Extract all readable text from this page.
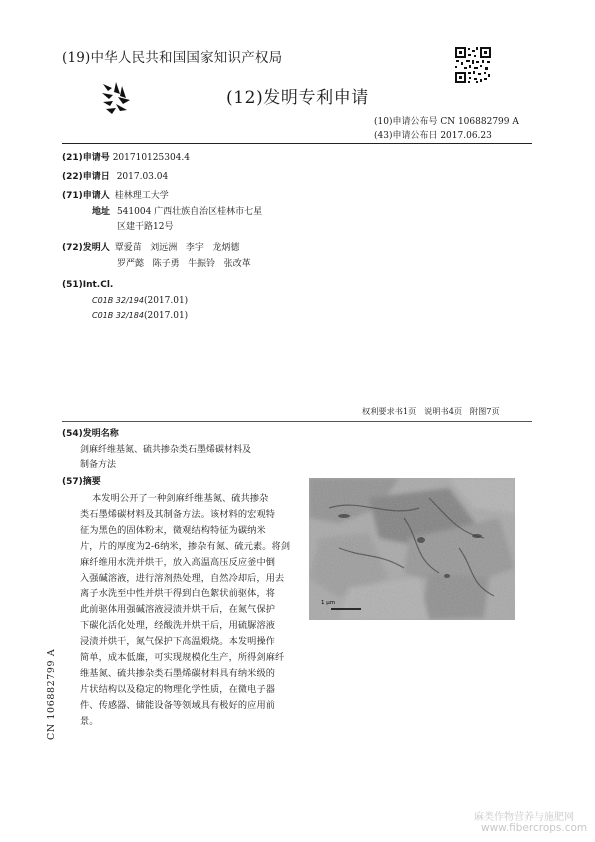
(19)中华人民共和国国家知识产权局
(12)发明专利申请
(10)申请公布号 CN 106882799 A
(43)申请公布日 2017.06.23
(21)申请号 201710125304.4
(22)申请日 2017.03.04
(71)申请人 桂林理工大学
地址 541004 广西壮族自治区桂林市七星
区建干路12号
(72)发明人 覃爱苗   刘远洲   李宇   龙炳德
罗严懿   陈子勇   牛振铃   张改革
(51)Int.Cl.
C01B 32/194(2017.01)
C01B 32/184(2017.01)
权利要求书1页   说明书4页   附图7页
(54)发明名称
剑麻纤维基氮、硫共掺杂类石墨烯碳材料及
制备方法
(57)摘要
本发明公开了一种剑麻纤维基氮、硫共掺杂
类石墨烯碳材料及其制备方法。该材料的宏观特
征为黑色的固体粉末，微观结构特征为碳纳米
片，片的厚度为2-6纳米，掺杂有氮、硫元素。将剑
麻纤维用水洗并烘干，放入高温高压反应釜中倒
入强碱溶液，进行溶剂热处理，自然冷却后，用去
离子水洗至中性并烘干得到白色絮状前驱体，将
此前驱体用强碱溶液浸渍并烘干后，在氮气保护
下碳化活化处理，经酸洗并烘干后，用硫脲溶液
浸渍并烘干，氮气保护下高温煅烧。本发明操作
简单，成本低廉，可实现规模化生产，所得剑麻纤
维基氮、硫共掺杂类石墨烯碳材料具有纳米级的
片状结构以及稳定的物理化学性质，在微电子器
件、传感器、储能设备等领域具有极好的应用前
景。
1 μm
CN 106882799 A
麻类作物营养与施肥网
www.fibercrops.com
